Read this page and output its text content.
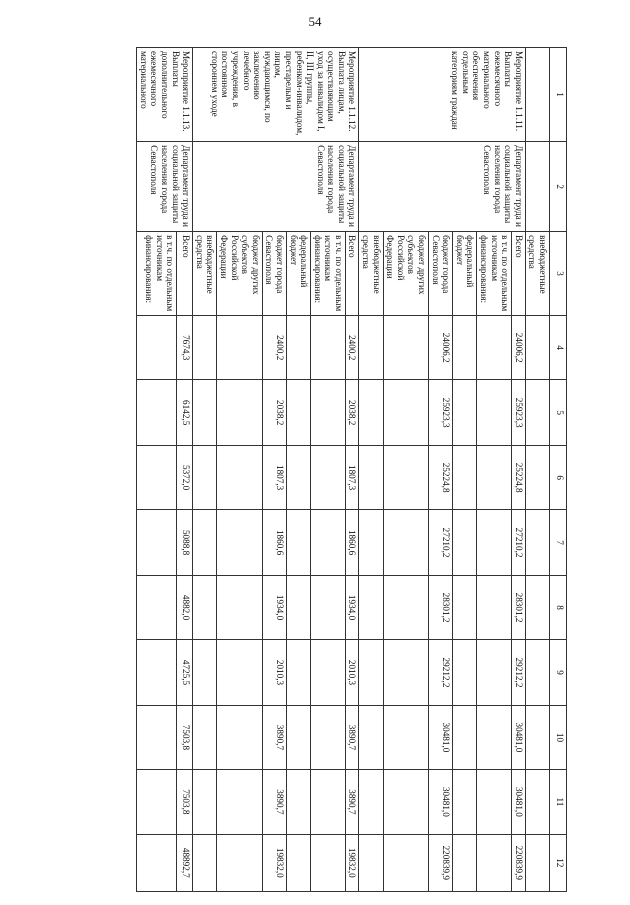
54
1	2	3	4	5	6	7	8	9	10	11	12
		внебюджетные средства									
Мероприятие 1.1.11. Выплаты ежемесячного материального обеспечения отдельным категориям граждан	Департамент труда и социальной защиты населения города Севастополя	Всего	24006,2	25923,3	25224,8	27210,2	28301,2	29212,2	30481,0	30481,0	220839,9
		в т.ч. по отдельным источникам финансирования:									
		федеральный бюджет									
		бюджет города Севастополя	24006,2	25923,3	25224,8	27210,2	28301,2	29212,2	30481,0	30481,0	220839,9
		бюджет других субъектов Российской Федерации									
		внебюджетные средства									
Мероприятие 1.1.12. Выплата лицам, осуществляющим уход за инвалидом I, II, III группы, ребенком-инвалидом, престарелым и лицом, нуждающимся, по заключению лечебного учреждения, в постоянном стороннем уходе	Департамент труда и социальной защиты населения города Севастополя	Всего	2400,2	2038,2	1807,3	1860,6	1934,0	2010,3	3890,7	3890,7	19832,0
		в т.ч. по отдельным источникам финансирования:									
		федеральный бюджет									
		бюджет города Севастополя	2400,2	2038,2	1807,3	1860,6	1934,0	2010,3	3890,7	3890,7	19832,0
		бюджет других субъектов Российской Федерации									
		внебюджетные средства									
Мероприятие 1.1.13. Выплаты дополнительного ежемесячного материального	Департамент труда и социальной защиты населения города Севастополя	Всего	7674,3	6142,5	5372,0	5088,8	4882,0	4725,5	7503,8	7503,8	48892,7
		в т.ч. по отдельным источникам финансирования:									
